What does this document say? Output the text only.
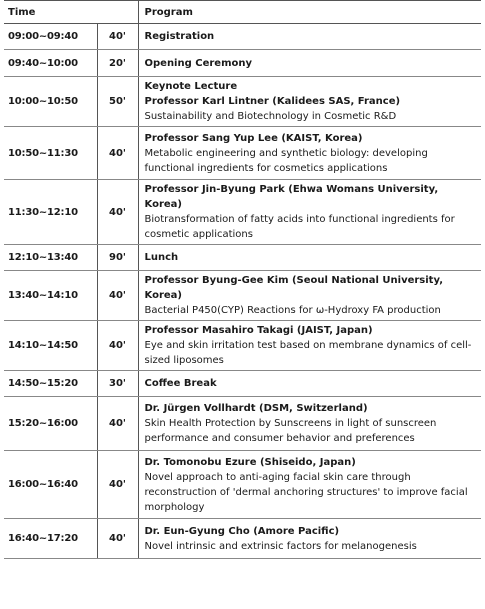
Time		Program
09:00~09:40	40'	Registration

09:40~10:00	20'	Opening Ceremony

10:00~10:50	50'	Keynote Lecture
Professor Karl Lintner (Kalidees SAS, France)
Sustainability and Biotechnology in Cosmetic R&D

10:50~11:30	40'	Professor Sang Yup Lee (KAIST, Korea)
Metabolic engineering and synthetic biology: developing functional ingredients for cosmetics applications

11:30~12:10	40'	Professor Jin-Byung Park (Ehwa Womans University, Korea)
Biotransformation of fatty acids into functional ingredients for cosmetic applications

12:10~13:40	90'	Lunch

13:40~14:10	40'	Professor Byung-Gee Kim (Seoul National University, Korea)
Bacterial P450(CYP) Reactions for ω-Hydroxy FA production

14:10~14:50	40'	Professor Masahiro Takagi (JAIST, Japan)
Eye and skin irritation test based on membrane dynamics of cell-sized liposomes

14:50~15:20	30'	Coffee Break

15:20~16:00	40'	Dr. Jürgen Vollhardt (DSM, Switzerland)
Skin Health Protection by Sunscreens in light of sunscreen performance and consumer behavior and preferences

16:00~16:40	40'	Dr. Tomonobu Ezure (Shiseido, Japan)
Novel approach to anti-aging facial skin care through reconstruction of 'dermal anchoring structures' to improve facial morphology

16:40~17:20	40'	Dr. Eun-Gyung Cho (Amore Pacific)
Novel intrinsic and extrinsic factors for melanogenesis
